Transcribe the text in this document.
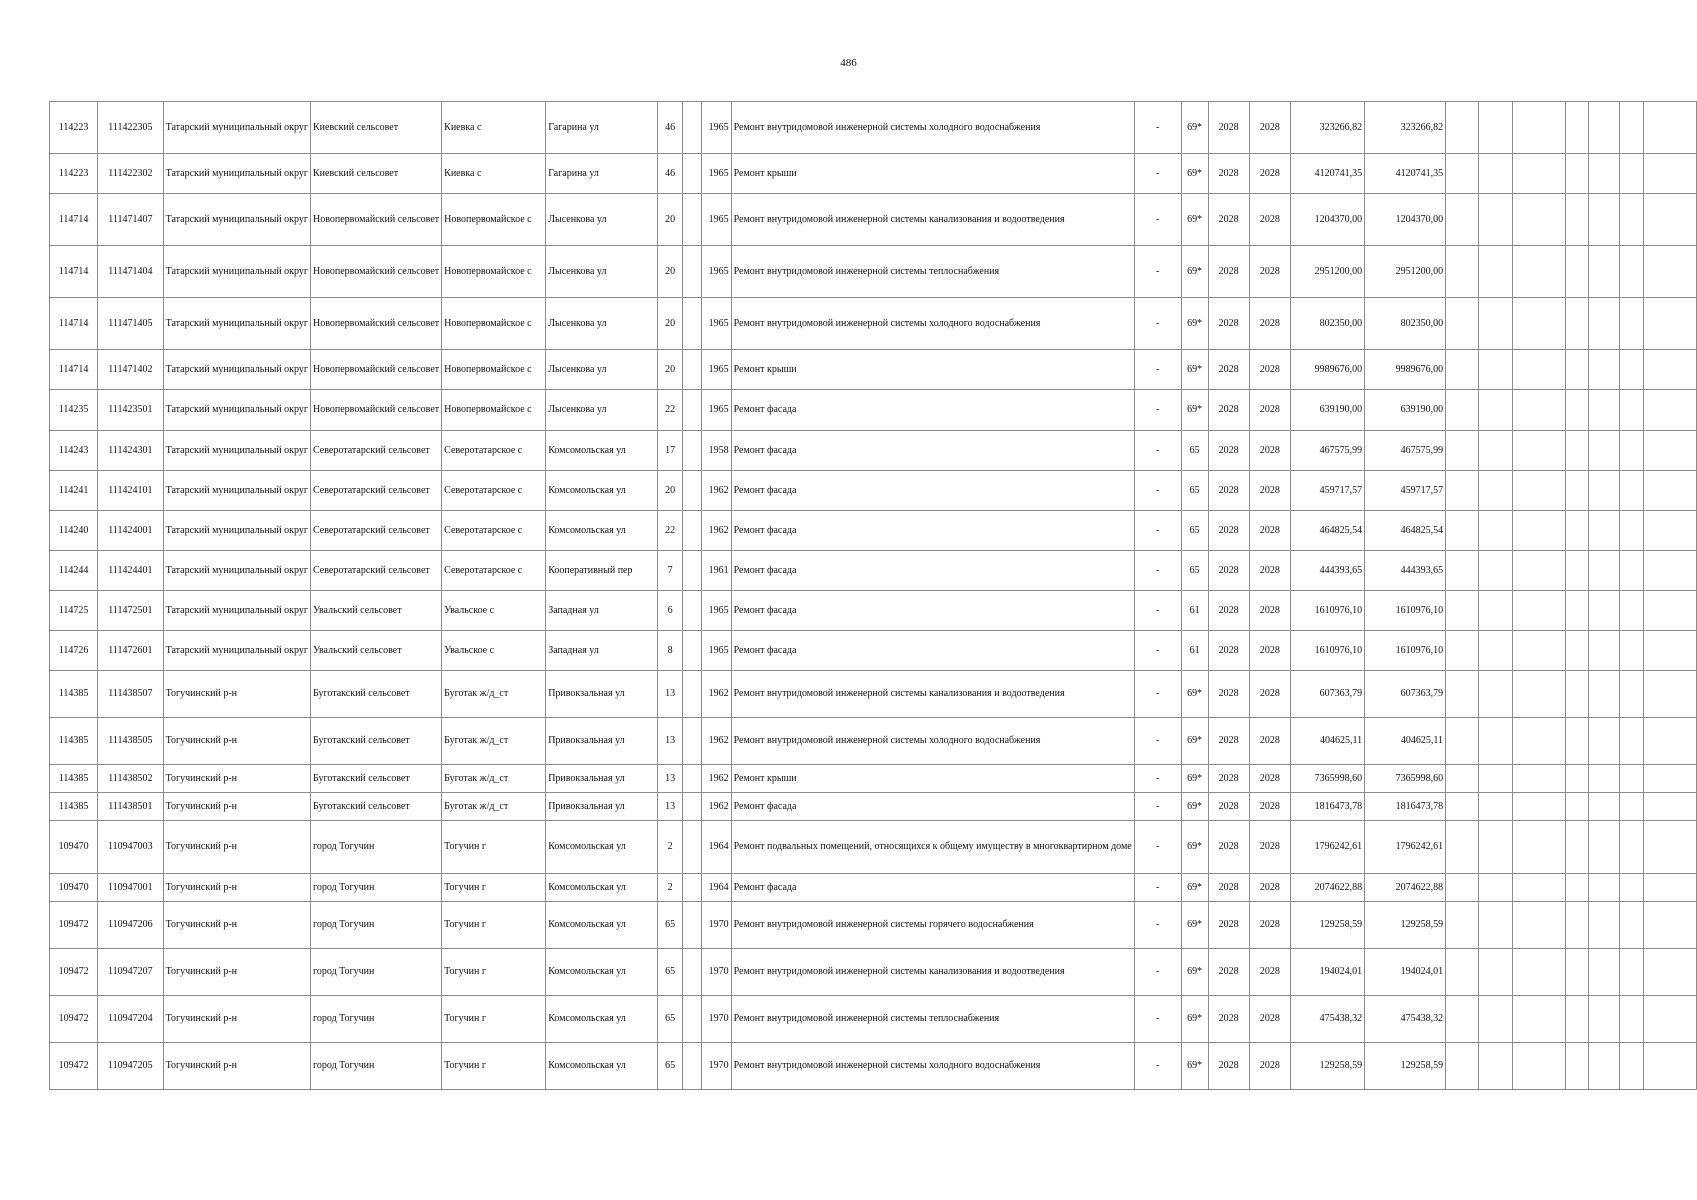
486
114223	111422305	Татарский муниципальный округ	Киевский сельсовет	Киевка с	Гагарина ул	46		1965	Ремонт внутридомовой инженерной системы холодного водоснабжения	-	69*	2028	2028	323266,82	323266,82							
114223	111422302	Татарский муниципальный округ	Киевский сельсовет	Киевка с	Гагарина ул	46		1965	Ремонт крыши	-	69*	2028	2028	4120741,35	4120741,35							
114714	111471407	Татарский муниципальный округ	Новопервомайский сельсовет	Новопервомайское с	Лысенкова ул	20		1965	Ремонт внутридомовой инженерной системы канализования и водоотведения	-	69*	2028	2028	1204370,00	1204370,00							
114714	111471404	Татарский муниципальный округ	Новопервомайский сельсовет	Новопервомайское с	Лысенкова ул	20		1965	Ремонт внутридомовой инженерной системы теплоснабжения	-	69*	2028	2028	2951200,00	2951200,00							
114714	111471405	Татарский муниципальный округ	Новопервомайский сельсовет	Новопервомайское с	Лысенкова ул	20		1965	Ремонт внутридомовой инженерной системы холодного водоснабжения	-	69*	2028	2028	802350,00	802350,00							
114714	111471402	Татарский муниципальный округ	Новопервомайский сельсовет	Новопервомайское с	Лысенкова ул	20		1965	Ремонт крыши	-	69*	2028	2028	9989676,00	9989676,00							
114235	111423501	Татарский муниципальный округ	Новопервомайский сельсовет	Новопервомайское с	Лысенкова ул	22		1965	Ремонт фасада	-	69*	2028	2028	639190,00	639190,00							
114243	111424301	Татарский муниципальный округ	Северотатарский сельсовет	Северотатарское с	Комсомольская ул	17		1958	Ремонт фасада	-	65	2028	2028	467575,99	467575,99							
114241	111424101	Татарский муниципальный округ	Северотатарский сельсовет	Северотатарское с	Комсомольская ул	20		1962	Ремонт фасада	-	65	2028	2028	459717,57	459717,57							
114240	111424001	Татарский муниципальный округ	Северотатарский сельсовет	Северотатарское с	Комсомольская ул	22		1962	Ремонт фасада	-	65	2028	2028	464825,54	464825,54							
114244	111424401	Татарский муниципальный округ	Северотатарский сельсовет	Северотатарское с	Кооперативный пер	7		1961	Ремонт фасада	-	65	2028	2028	444393,65	444393,65							
114725	111472501	Татарский муниципальный округ	Увальский сельсовет	Увальское с	Западная ул	6		1965	Ремонт фасада	-	61	2028	2028	1610976,10	1610976,10							
114726	111472601	Татарский муниципальный округ	Увальский сельсовет	Увальское с	Западная ул	8		1965	Ремонт фасада	-	61	2028	2028	1610976,10	1610976,10							
114385	111438507	Тогучинский р-н	Буготакский сельсовет	Буготак ж/д_ст	Привокзальная ул	13		1962	Ремонт внутридомовой инженерной системы канализования и водоотведения	-	69*	2028	2028	607363,79	607363,79							
114385	111438505	Тогучинский р-н	Буготакский сельсовет	Буготак ж/д_ст	Привокзальная ул	13		1962	Ремонт внутридомовой инженерной системы холодного водоснабжения	-	69*	2028	2028	404625,11	404625,11							
114385	111438502	Тогучинский р-н	Буготакский сельсовет	Буготак ж/д_ст	Привокзальная ул	13		1962	Ремонт крыши	-	69*	2028	2028	7365998,60	7365998,60							
114385	111438501	Тогучинский р-н	Буготакский сельсовет	Буготак ж/д_ст	Привокзальная ул	13		1962	Ремонт фасада	-	69*	2028	2028	1816473,78	1816473,78							
109470	110947003	Тогучинский р-н	город Тогучин	Тогучин г	Комсомольская ул	2		1964	Ремонт подвальных помещений, относящихся к общему имуществу в многоквартирном доме	-	69*	2028	2028	1796242,61	1796242,61							
109470	110947001	Тогучинский р-н	город Тогучин	Тогучин г	Комсомольская ул	2		1964	Ремонт фасада	-	69*	2028	2028	2074622,88	2074622,88							
109472	110947206	Тогучинский р-н	город Тогучин	Тогучин г	Комсомольская ул	65		1970	Ремонт внутридомовой инженерной системы горячего водоснабжения	-	69*	2028	2028	129258,59	129258,59							
109472	110947207	Тогучинский р-н	город Тогучин	Тогучин г	Комсомольская ул	65		1970	Ремонт внутридомовой инженерной системы канализования и водоотведения	-	69*	2028	2028	194024,01	194024,01							
109472	110947204	Тогучинский р-н	город Тогучин	Тогучин г	Комсомольская ул	65		1970	Ремонт внутридомовой инженерной системы теплоснабжения	-	69*	2028	2028	475438,32	475438,32							
109472	110947205	Тогучинский р-н	город Тогучин	Тогучин г	Комсомольская ул	65		1970	Ремонт внутридомовой инженерной системы холодного водоснабжения	-	69*	2028	2028	129258,59	129258,59							
